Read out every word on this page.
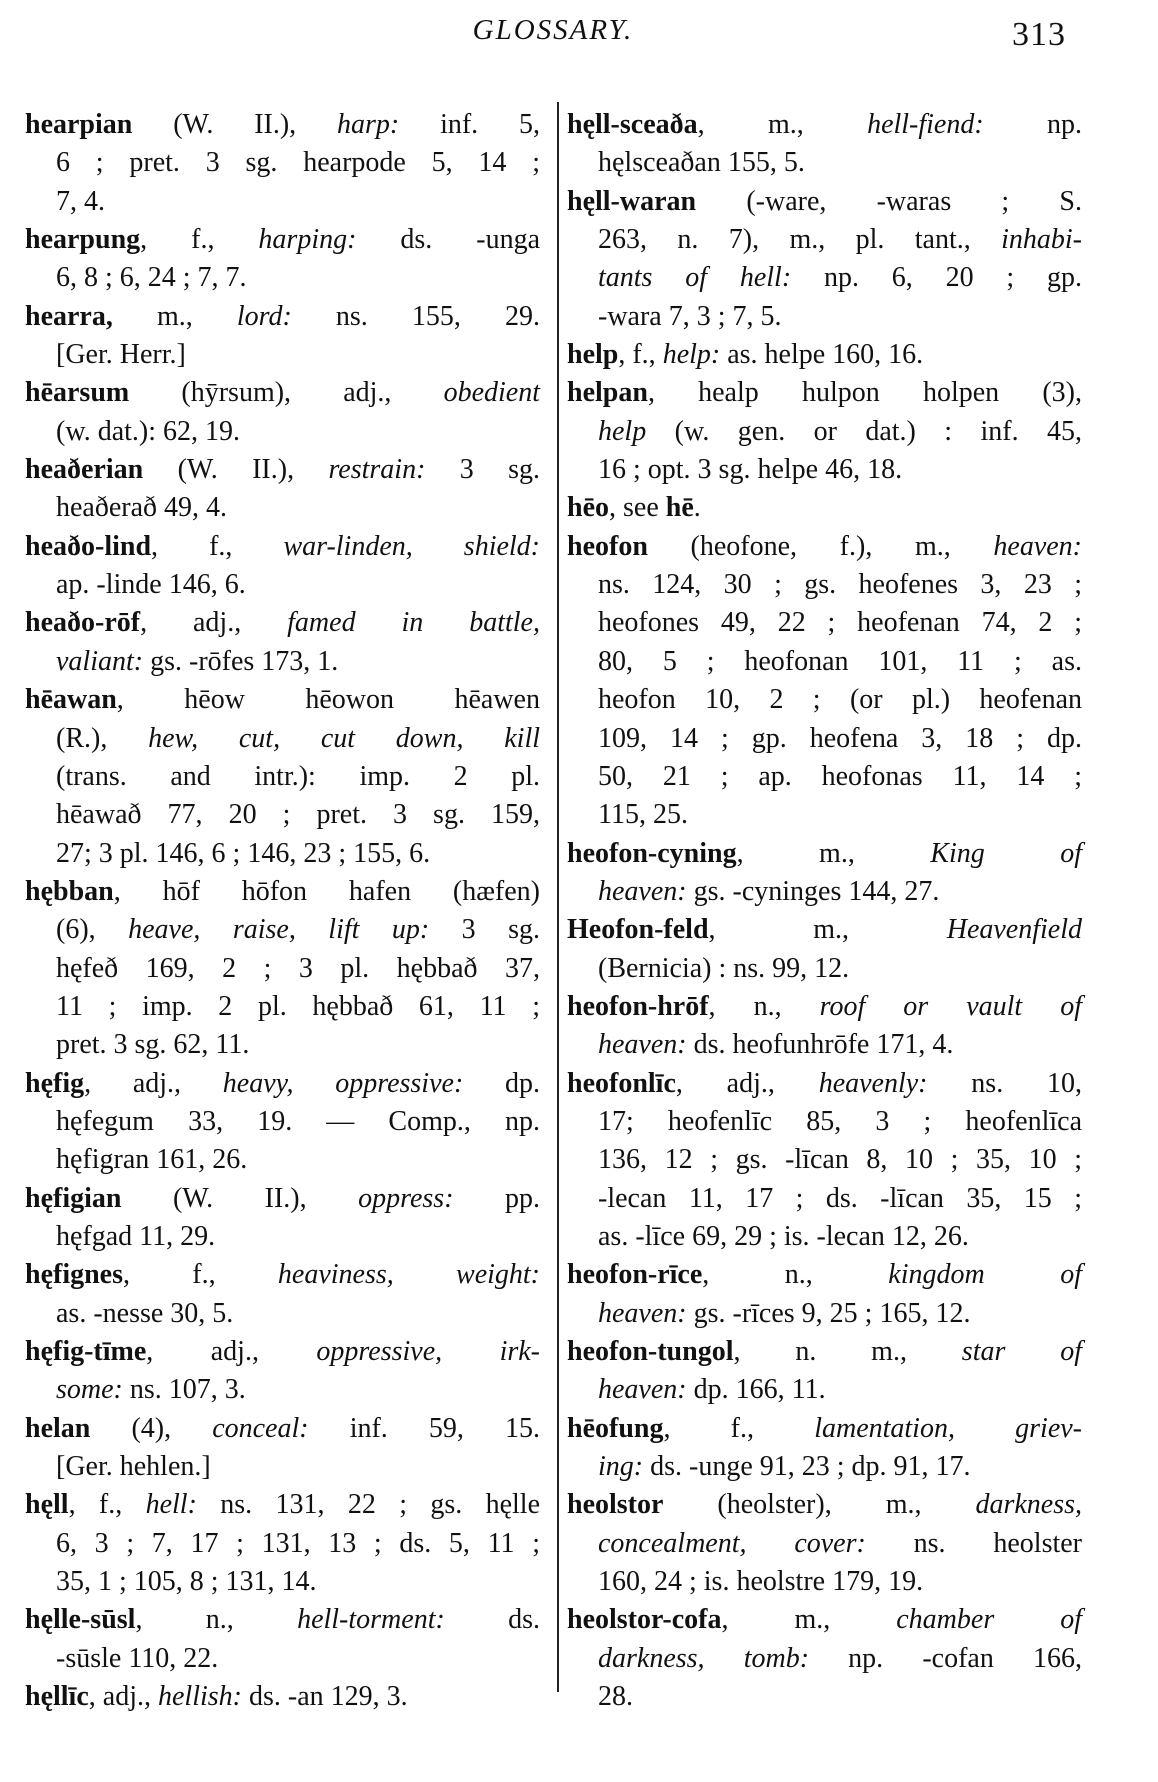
GLOSSARY.	313
hearpian (W. II.), harp: inf. 5,
6 ; pret. 3 sg. hearpode 5, 14 ;
7, 4.
hearpung, f., harping: ds. -unga
6, 8 ; 6, 24 ; 7, 7.
hearra, m., lord: ns. 155, 29.
[Ger. Herr.]
hēarsum (hȳrsum), adj., obedient
(w. dat.): 62, 19.
heaðerian (W. II.), restrain: 3 sg.
heaðerað 49, 4.
heaðo-lind, f., war-linden, shield:
ap. -linde 146, 6.
heaðo-rōf, adj., famed in battle,
valiant: gs. -rōfes 173, 1.
hēawan, hēow hēowon hēawen
(R.), hew, cut, cut down, kill
(trans. and intr.): imp. 2 pl.
hēawað 77, 20 ; pret. 3 sg. 159,
27; 3 pl. 146, 6 ; 146, 23 ; 155, 6.
hębban, hōf hōfon hafen (hæfen)
(6), heave, raise, lift up: 3 sg.
hęfeð 169, 2 ; 3 pl. hębbað 37,
11 ; imp. 2 pl. hębbað 61, 11 ;
pret. 3 sg. 62, 11.
hęfig, adj., heavy, oppressive: dp.
hęfegum 33, 19. — Comp., np.
hęfigran 161, 26.
hęfigian (W. II.), oppress: pp.
hęfgad 11, 29.
hęfignes, f., heaviness, weight:
as. -nesse 30, 5.
hęfig-tīme, adj., oppressive, irk-
some: ns. 107, 3.
helan (4), conceal: inf. 59, 15.
[Ger. hehlen.]
hęll, f., hell: ns. 131, 22 ; gs. hęlle
6, 3 ; 7, 17 ; 131, 13 ; ds. 5, 11 ;
35, 1 ; 105, 8 ; 131, 14.
hęlle-sūsl, n., hell-torment: ds.
-sūsle 110, 22.
hęllīc, adj., hellish: ds. -an 129, 3.
hęll-sceaða, m., hell-fiend: np.
hęlsceaðan 155, 5.
hęll-waran (-ware, -waras ; S.
263, n. 7), m., pl. tant., inhabi-
tants of hell: np. 6, 20 ; gp.
-wara 7, 3 ; 7, 5.
help, f., help: as. helpe 160, 16.
helpan, healp hulpon holpen (3),
help (w. gen. or dat.) : inf. 45,
16 ; opt. 3 sg. helpe 46, 18.
hēo, see hē.
heofon (heofone, f.), m., heaven:
ns. 124, 30 ; gs. heofenes 3, 23 ;
heofones 49, 22 ; heofenan 74, 2 ;
80, 5 ; heofonan 101, 11 ; as.
heofon 10, 2 ; (or pl.) heofenan
109, 14 ; gp. heofena 3, 18 ; dp.
50, 21 ; ap. heofonas 11, 14 ;
115, 25.
heofon-cyning, m., King of
heaven: gs. -cyninges 144, 27.
Heofon-feld, m., Heavenfield
(Bernicia) : ns. 99, 12.
heofon-hrōf, n., roof or vault of
heaven: ds. heofunhrōfe 171, 4.
heofonlīc, adj., heavenly: ns. 10,
17; heofenlīc 85, 3 ; heofenlīca
136, 12 ; gs. -līcan 8, 10 ; 35, 10 ;
-lecan 11, 17 ; ds. -līcan 35, 15 ;
as. -līce 69, 29 ; is. -lecan 12, 26.
heofon-rīce, n., kingdom of
heaven: gs. -rīces 9, 25 ; 165, 12.
heofon-tungol, n. m., star of
heaven: dp. 166, 11.
hēofung, f., lamentation, griev-
ing: ds. -unge 91, 23 ; dp. 91, 17.
heolstor (heolster), m., darkness,
concealment, cover: ns. heolster
160, 24 ; is. heolstre 179, 19.
heolstor-cofa, m., chamber of
darkness, tomb: np. -cofan 166,
28.
